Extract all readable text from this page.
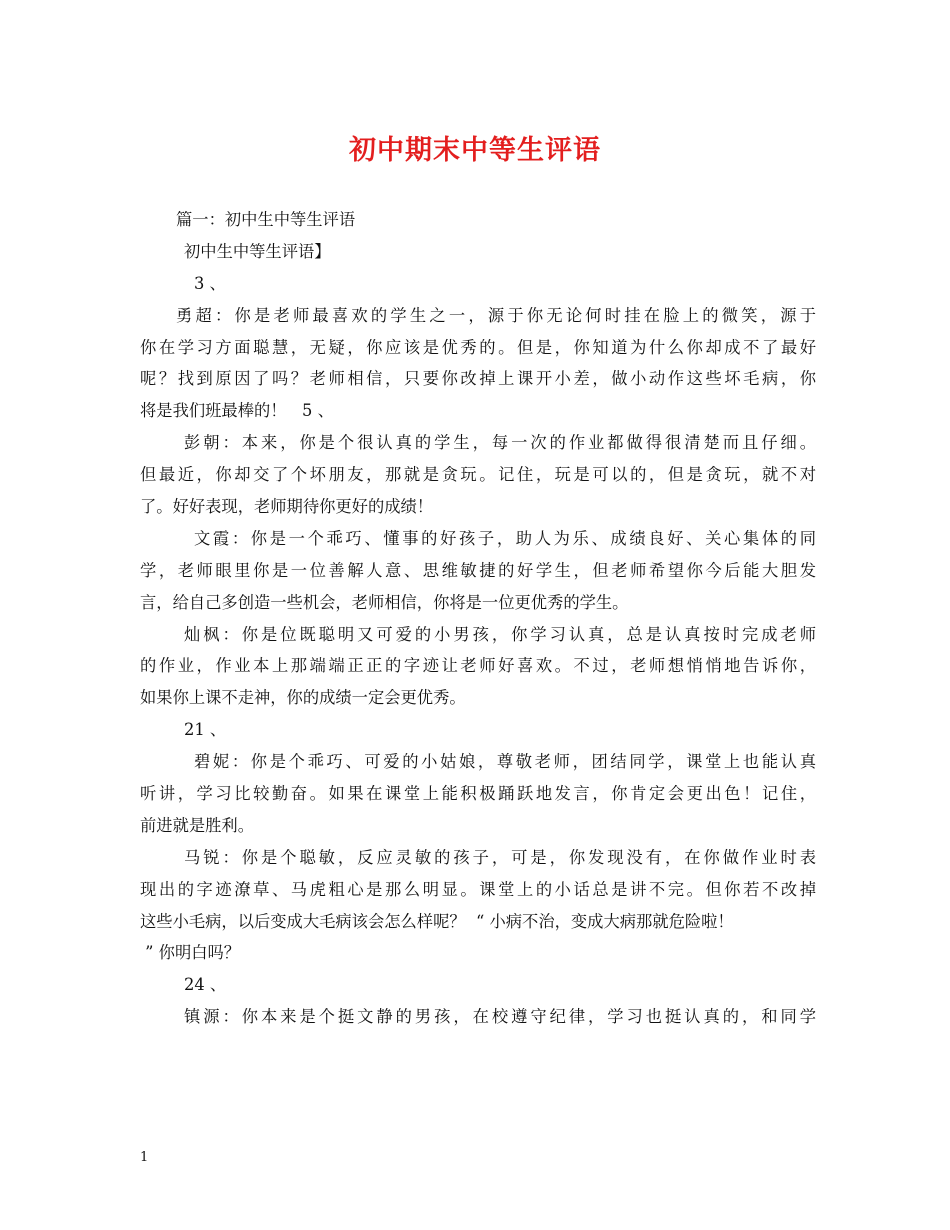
初中期末中等生评语
篇一：初中生中等生评语
初中生中等生评语】
3 、
勇超：你是老师最喜欢的学生之一，源于你无论何时挂在脸上的微笑，源于
你在学习方面聪慧，无疑，你应该是优秀的。但是，你知道为什么你却成不了最好
呢？找到原因了吗？老师相信，只要你改掉上课开小差，做小动作这些坏毛病，你
将是我们班最棒的！   5 、
彭朝：本来，你是个很认真的学生，每一次的作业都做得很清楚而且仔细。
但最近，你却交了个坏朋友，那就是贪玩。记住，玩是可以的，但是贪玩，就不对
了。好好表现，老师期待你更好的成绩！
文霞：你是一个乖巧、懂事的好孩子，助人为乐、成绩良好、关心集体的同
学，老师眼里你是一位善解人意、思维敏捷的好学生，但老师希望你今后能大胆发
言，给自己多创造一些机会，老师相信，你将是一位更优秀的学生。
灿枫：你是位既聪明又可爱的小男孩，你学习认真，总是认真按时完成老师
的作业，作业本上那端端正正的字迹让老师好喜欢。不过，老师想悄悄地告诉你，
如果你上课不走神，你的成绩一定会更优秀。
21 、
碧妮：你是个乖巧、可爱的小姑娘，尊敬老师，团结同学，课堂上也能认真
听讲，学习比较勤奋。如果在课堂上能积极踊跃地发言，你肯定会更出色！记住，
前进就是胜利。
马锐：你是个聪敏，反应灵敏的孩子，可是，你发现没有，在你做作业时表
现出的字迹潦草、马虎粗心是那么明显。课堂上的小话总是讲不完。但你若不改掉
这些小毛病，以后变成大毛病该会怎么样呢？  “ 小病不治，变成大病那就危险啦！
” 你明白吗？
24 、
镇源：你本来是个挺文静的男孩，在校遵守纪律，学习也挺认真的，和同学
1
